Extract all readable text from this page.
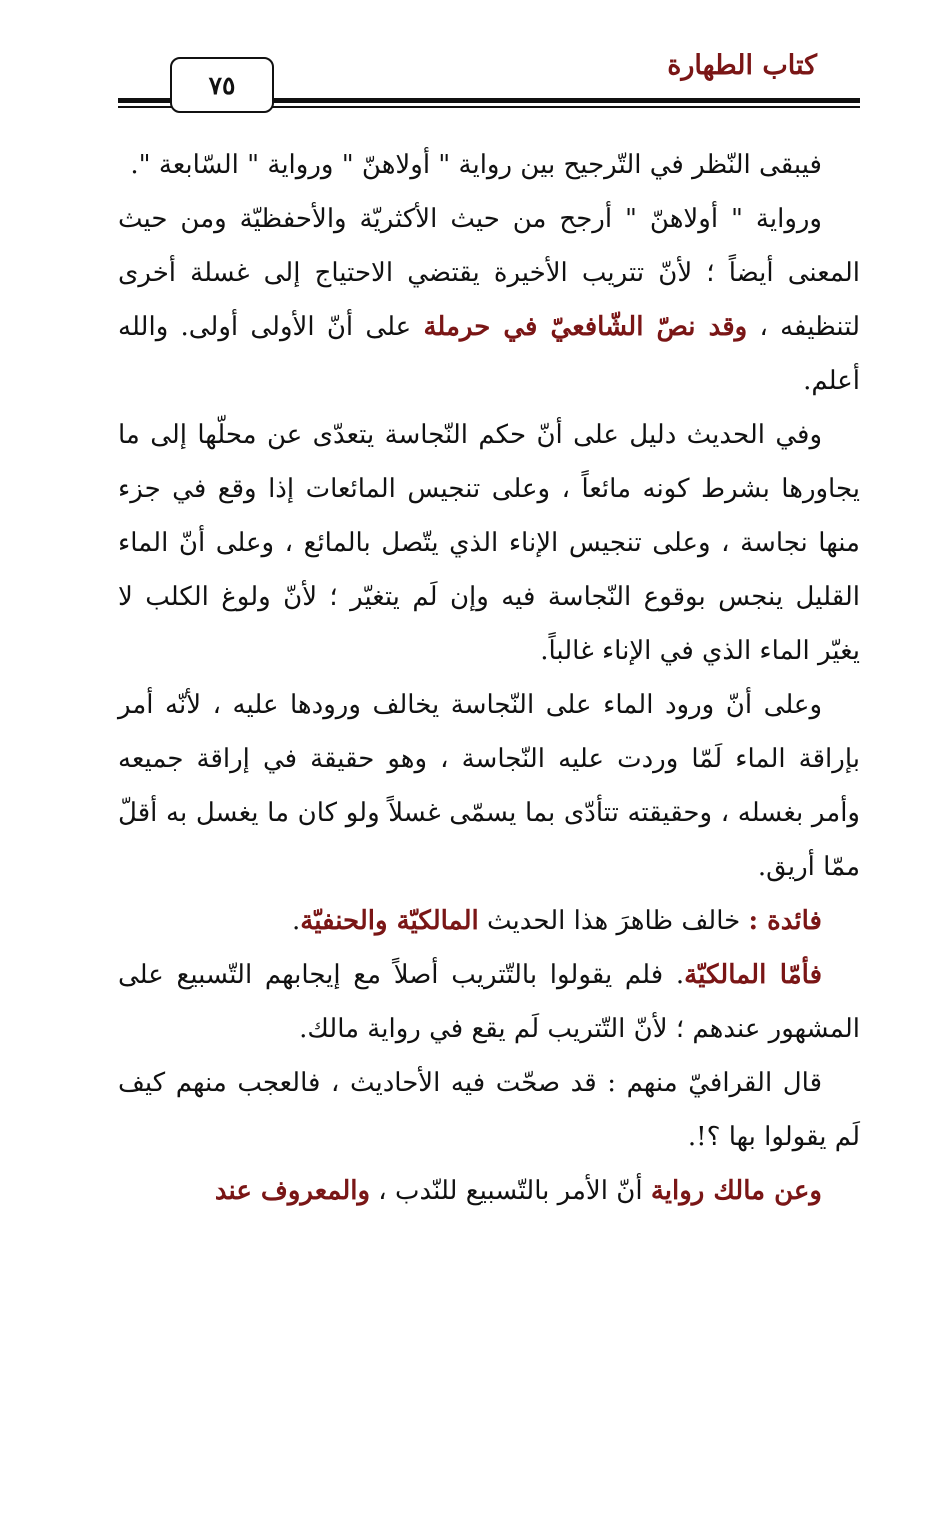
كتاب الطهارة
٧٥

فيبقى النّظر في التّرجيح بين رواية " أولاهنّ " ورواية " السّابعة ".

ورواية " أولاهنّ " أرجح من حيث الأكثريّة والأحفظيّة ومن حيث المعنى أيضاً ؛ لأنّ تتريب الأخيرة يقتضي الاحتياج إلى غسلة أخرى لتنظيفه ، وقد نصّ الشّافعيّ في حرملة على أنّ الأولى أولى. والله أعلم.

وفي الحديث دليل على أنّ حكم النّجاسة يتعدّى عن محلّها إلى ما يجاورها بشرط كونه مائعاً ، وعلى تنجيس المائعات إذا وقع في جزء منها نجاسة ، وعلى تنجيس الإناء الذي يتّصل بالمائع ، وعلى أنّ الماء القليل ينجس بوقوع النّجاسة فيه وإن لَم يتغيّر ؛ لأنّ ولوغ الكلب لا يغيّر الماء الذي في الإناء غالباً.

وعلى أنّ ورود الماء على النّجاسة يخالف ورودها عليه ، لأنّه أمر بإراقة الماء لَمّا وردت عليه النّجاسة ، وهو حقيقة في إراقة جميعه وأمر بغسله ، وحقيقته تتأدّى بما يسمّى غسلاً ولو كان ما يغسل به أقلّ ممّا أريق.

فائدة : خالف ظاهرَ هذا الحديث المالكيّة والحنفيّة.

فأمّا المالكيّة. فلم يقولوا بالتّتريب أصلاً مع إيجابهم التّسبيع على المشهور عندهم ؛ لأنّ التّتريب لَم يقع في رواية مالك.

قال القرافيّ منهم : قد صحّت فيه الأحاديث ، فالعجب منهم كيف لَم يقولوا بها ؟!.

وعن مالك رواية أنّ الأمر بالتّسبيع للنّدب ، والمعروف عند
